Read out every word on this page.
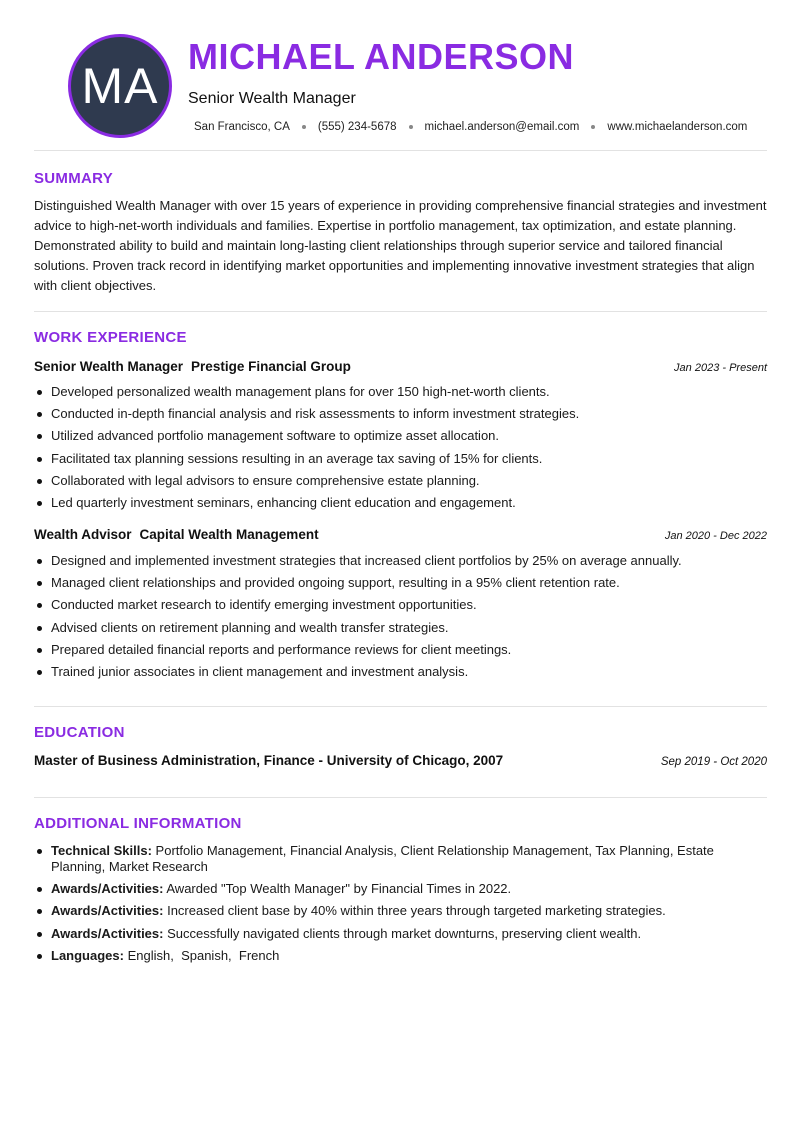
MA
MICHAEL ANDERSON
Senior Wealth Manager
San Francisco, CA (555) 234-5678 michael.anderson@email.com www.michaelanderson.com
SUMMARY
Distinguished Wealth Manager with over 15 years of experience in providing comprehensive financial strategies and investment advice to high-net-worth individuals and families. Expertise in portfolio management, tax optimization, and estate planning. Demonstrated ability to build and maintain long-lasting client relationships through superior service and tailored financial solutions. Proven track record in identifying market opportunities and implementing innovative investment strategies that align with client objectives.
WORK EXPERIENCE
Senior Wealth Manager Prestige Financial Group	Jan 2023 - Present
Developed personalized wealth management plans for over 150 high-net-worth clients.
Conducted in-depth financial analysis and risk assessments to inform investment strategies.
Utilized advanced portfolio management software to optimize asset allocation.
Facilitated tax planning sessions resulting in an average tax saving of 15% for clients.
Collaborated with legal advisors to ensure comprehensive estate planning.
Led quarterly investment seminars, enhancing client education and engagement.
Wealth Advisor Capital Wealth Management	Jan 2020 - Dec 2022
Designed and implemented investment strategies that increased client portfolios by 25% on average annually.
Managed client relationships and provided ongoing support, resulting in a 95% client retention rate.
Conducted market research to identify emerging investment opportunities.
Advised clients on retirement planning and wealth transfer strategies.
Prepared detailed financial reports and performance reviews for client meetings.
Trained junior associates in client management and investment analysis.
EDUCATION
Master of Business Administration, Finance - University of Chicago, 2007	Sep 2019 - Oct 2020
ADDITIONAL INFORMATION
Technical Skills: Portfolio Management, Financial Analysis, Client Relationship Management, Tax Planning, Estate Planning, Market Research
Awards/Activities: Awarded "Top Wealth Manager" by Financial Times in 2022.
Awards/Activities: Increased client base by 40% within three years through targeted marketing strategies.
Awards/Activities: Successfully navigated clients through market downturns, preserving client wealth.
Languages: English,  Spanish,  French
